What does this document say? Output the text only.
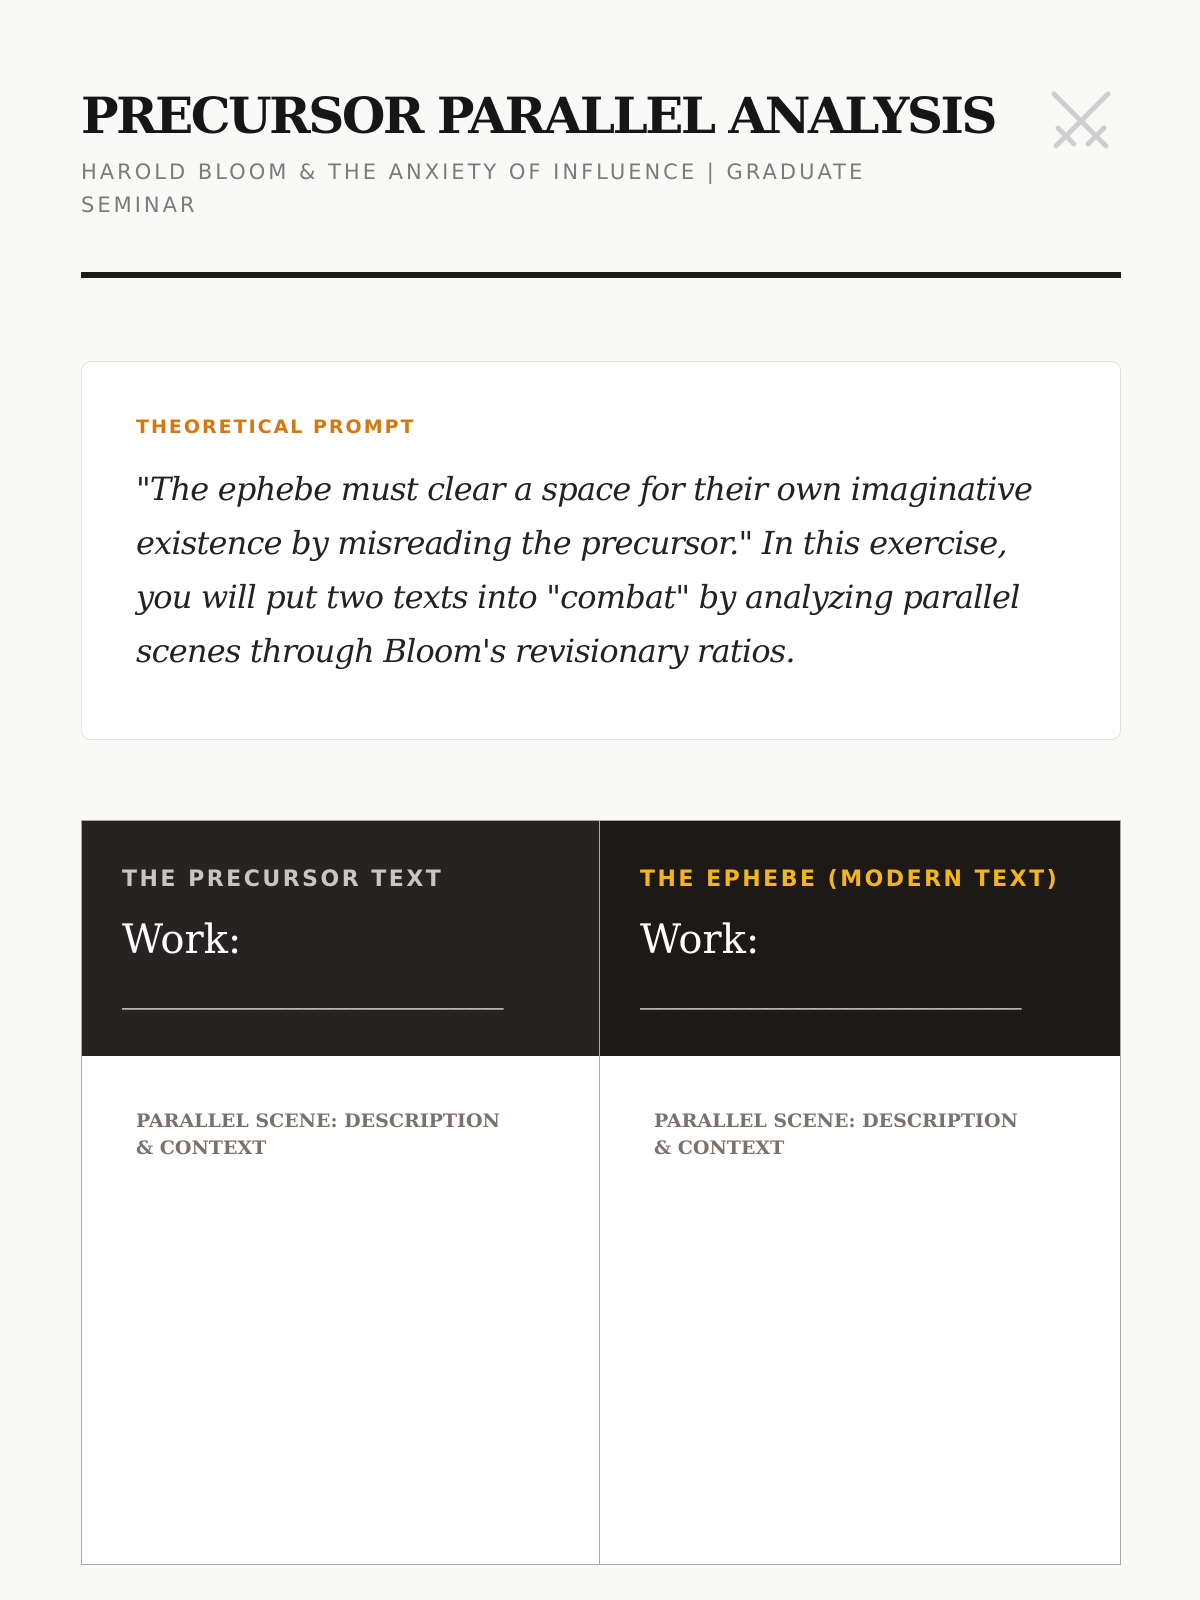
PRECURSOR PARALLEL ANALYSIS
HAROLD BLOOM & THE ANXIETY OF INFLUENCE | GRADUATE SEMINAR
THEORETICAL PROMPT
"The ephebe must clear a space for their own imaginative existence by misreading the precursor." In this exercise, you will put two texts into "combat" by analyzing parallel scenes through Bloom's revisionary ratios.
THE PRECURSOR TEXT
Work:
________________________
PARALLEL SCENE: DESCRIPTION & CONTEXT
THE EPHEBE (MODERN TEXT)
Work:
________________________
PARALLEL SCENE: DESCRIPTION & CONTEXT
